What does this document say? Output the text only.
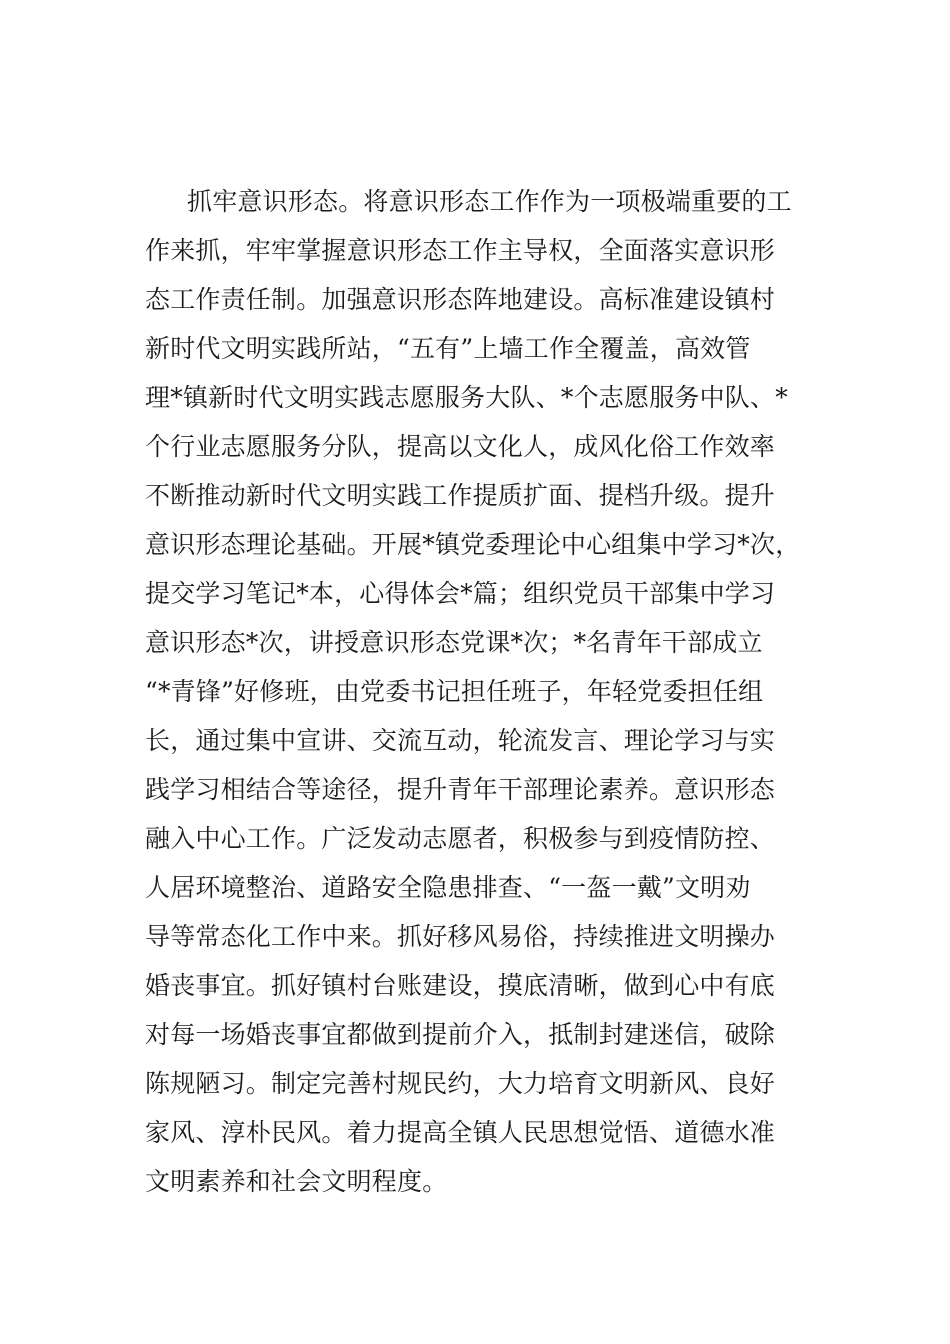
抓牢意识形态。将意识形态工作作为一项极端重要的工
作来抓，牢牢掌握意识形态工作主导权，全面落实意识形
态工作责任制。加强意识形态阵地建设。高标准建设镇村
新时代文明实践所站，“五有”上墙工作全覆盖，高效管
理*镇新时代文明实践志愿服务大队、*个志愿服务中队、*
个行业志愿服务分队，提高以文化人，成风化俗工作效率
不断推动新时代文明实践工作提质扩面、提档升级。提升
意识形态理论基础。开展*镇党委理论中心组集中学习*次，
提交学习笔记*本，心得体会*篇；组织党员干部集中学习
意识形态*次，讲授意识形态党课*次；*名青年干部成立
“*青锋”好修班，由党委书记担任班子，年轻党委担任组
长，通过集中宣讲、交流互动，轮流发言、理论学习与实
践学习相结合等途径，提升青年干部理论素养。意识形态
融入中心工作。广泛发动志愿者，积极参与到疫情防控、
人居环境整治、道路安全隐患排查、“一盔一戴”文明劝
导等常态化工作中来。抓好移风易俗，持续推进文明操办
婚丧事宜。抓好镇村台账建设，摸底清晰，做到心中有底
对每一场婚丧事宜都做到提前介入，抵制封建迷信，破除
陈规陋习。制定完善村规民约，大力培育文明新风、良好
家风、淳朴民风。着力提高全镇人民思想觉悟、道德水准
文明素养和社会文明程度。
